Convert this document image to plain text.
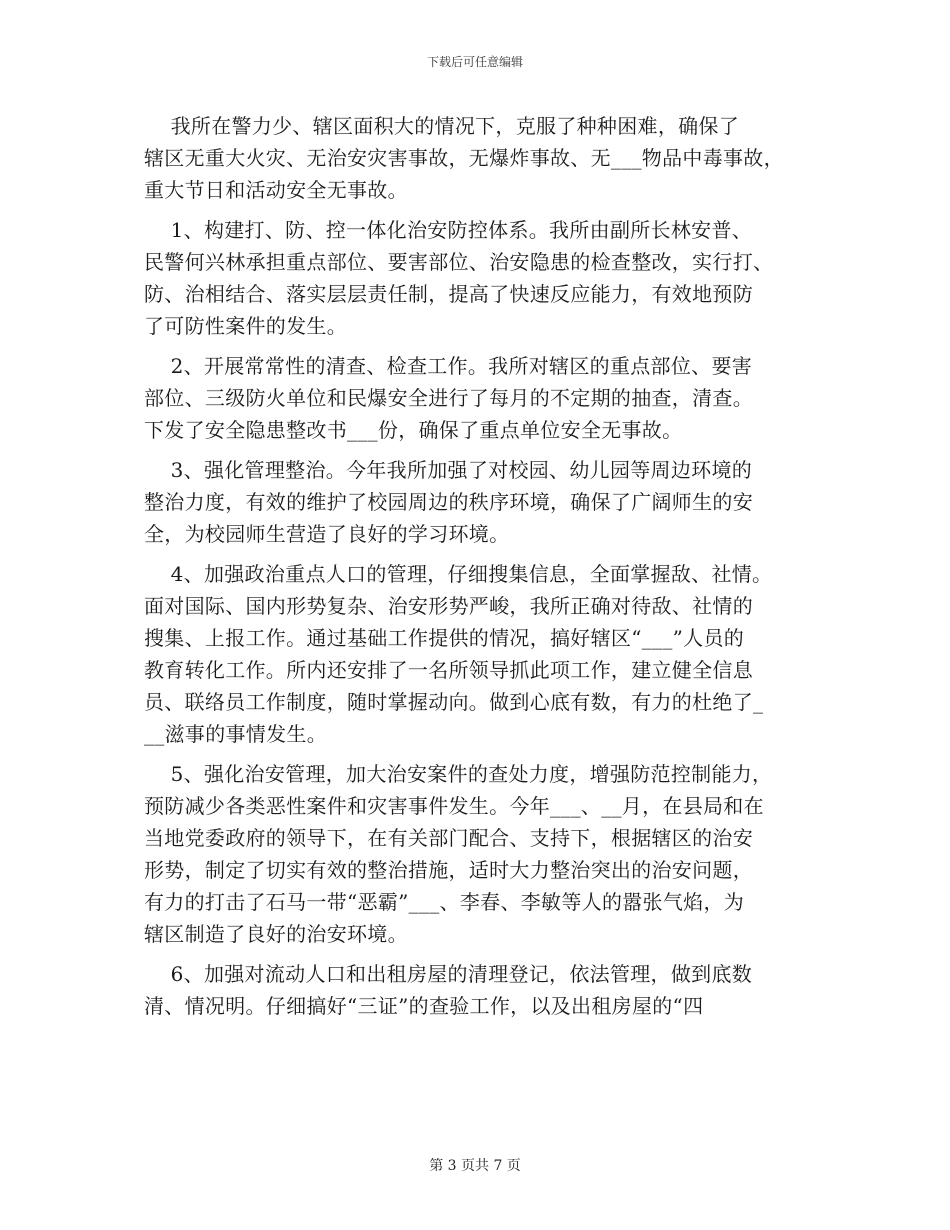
下载后可任意编辑
我所在警力少、辖区面积大的情况下，克服了种种困难，确保了
辖区无重大火灾、无治安灾害事故，无爆炸事故、无___物品中毒事故，
重大节日和活动安全无事故。
1、构建打、防、控一体化治安防控体系。我所由副所长林安普、
民警何兴林承担重点部位、要害部位、治安隐患的检查整改，实行打、
防、治相结合、落实层层责任制，提高了快速反应能力，有效地预防
了可防性案件的发生。
2、开展常常性的清查、检查工作。我所对辖区的重点部位、要害
部位、三级防火单位和民爆安全进行了每月的不定期的抽查，清查。
下发了安全隐患整改书___份，确保了重点单位安全无事故。
3、强化管理整治。今年我所加强了对校园、幼儿园等周边环境的
整治力度，有效的维护了校园周边的秩序环境，确保了广阔师生的安
全，为校园师生营造了良好的学习环境。
4、加强政治重点人口的管理，仔细搜集信息，全面掌握敌、社情。
面对国际、国内形势复杂、治安形势严峻，我所正确对待敌、社情的
搜集、上报工作。通过基础工作提供的情况，搞好辖区“___”人员的
教育转化工作。所内还安排了一名所领导抓此项工作，建立健全信息
员、联络员工作制度，随时掌握动向。做到心底有数，有力的杜绝了_
__滋事的事情发生。
5、强化治安管理，加大治安案件的查处力度，增强防范控制能力，
预防减少各类恶性案件和灾害事件发生。今年___、__月，在县局和在
当地党委政府的领导下，在有关部门配合、支持下，根据辖区的治安
形势，制定了切实有效的整治措施，适时大力整治突出的治安问题，
有力的打击了石马一带“恶霸”___、李春、李敏等人的嚣张气焰，为
辖区制造了良好的治安环境。
6、加强对流动人口和出租房屋的清理登记，依法管理，做到底数
清、情况明。仔细搞好“三证”的查验工作，以及出租房屋的“四
第 3 页共 7 页
